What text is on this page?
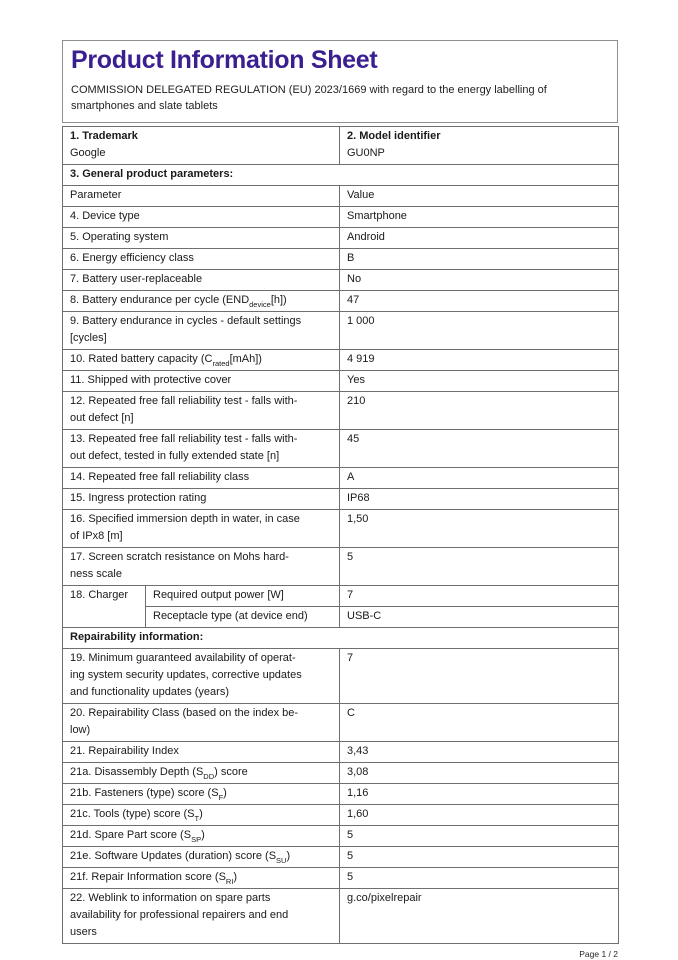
Product Information Sheet

COMMISSION DELEGATED REGULATION (EU) 2023/1669 with regard to the energy labelling of smartphones and slate tablets

1. Trademark
Google

2. Model identifier
GU0NP

3. General product parameters:		
Parameter		Value
4. Device type		Smartphone
5. Operating system		Android
6. Energy efficiency class		B
7. Battery user-replaceable		No
8. Battery endurance per cycle $(END_{device}[h])$		47
9. Battery endurance in cycles - default settings
[cycles]		1 000
10. Rated battery capacity $(C_{rated}[mAh])$		4 919
11. Shipped with protective cover		Yes
12. Repeated free fall reliability test - falls with-
out defect [n]		210
13. Repeated free fall reliability test - falls with-
out defect, tested in fully extended state [n]		45
14. Repeated free fall reliability class		A
15. Ingress protection rating		IP68
16. Specified immersion depth in water, in case
of IPx8 [m]		1,50
17. Screen scratch resistance on Mohs hard-
ness scale		5
18. Charger	Required output power [W]	7
	Receptacle type (at device end)	USB-C
Repairability information:		
19. Minimum guaranteed availability of operat-
ing system security updates, corrective updates
and functionality updates (years)		7
20. Repairability Class (based on the index be-
low)		C
21. Repairability Index		3,43
21a. Disassembly Depth $(S_{DD})$ score		3,08
21b. Fasteners (type) score $(S_F)$		1,16
21c. Tools (type) score $(S_T)$		1,60
21d. Spare Part score $(S_{SP})$		5
21e. Software Updates (duration) score $(S_{SU})$		5
21f. Repair Information score $(S_{RI})$		5
22. Weblink to information on spare parts
availability for professional repairers and end
users		g.co/pixelrepair
Page 1 / 2
